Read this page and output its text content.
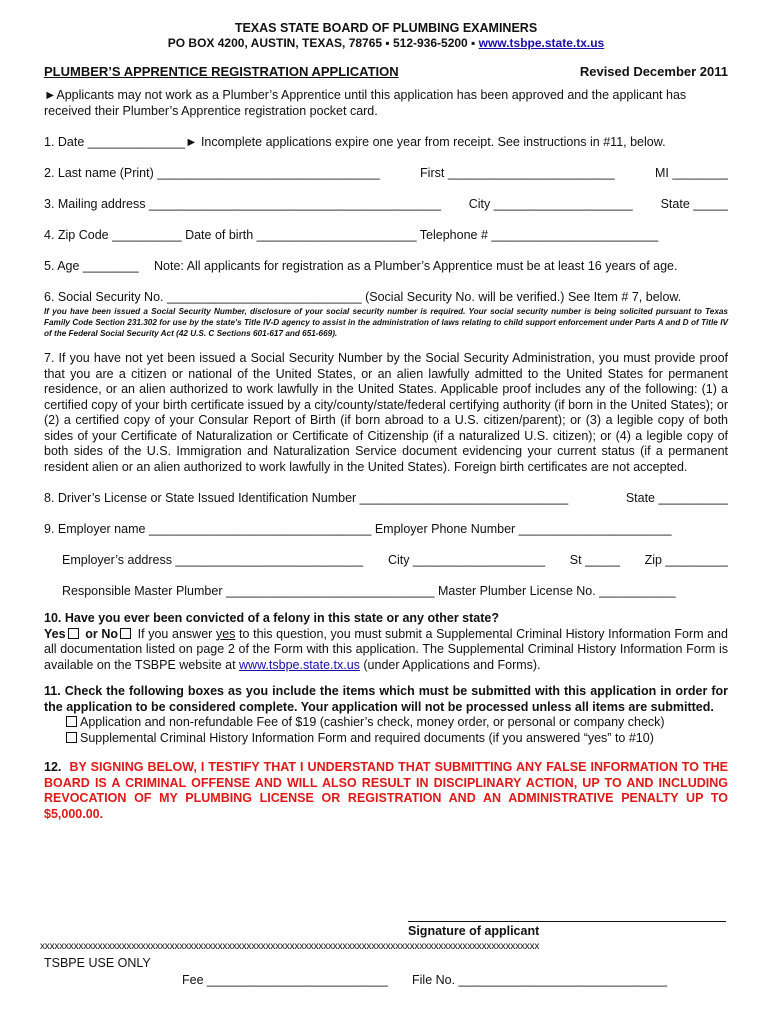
TEXAS STATE BOARD OF PLUMBING EXAMINERS
PO BOX 4200, AUSTIN, TEXAS, 78765 ▪ 512-936-5200 ▪ www.tsbpe.state.tx.us
PLUMBER’S APPRENTICE REGISTRATION APPLICATION	Revised December 2011
►Applicants may not work as a Plumber’s Apprentice until this application has been approved and the applicant has received their Plumber’s Apprentice registration pocket card.
1. Date ______________► Incomplete applications expire one year from receipt. See instructions in #11, below.
2. Last name (Print) ________________________________	First ________________________	MI ________
3. Mailing address __________________________________________ City ____________________ State _____
4. Zip Code __________ Date of birth _______________________ Telephone # ________________________
5. Age ________ Note: All applicants for registration as a Plumber’s Apprentice must be at least 16 years of age.
6. Social Security No. ____________________________ (Social Security No. will be verified.) See Item # 7, below.
If you have been issued a Social Security Number, disclosure of your social security number is required. Your social security number is being solicited pursuant to Texas Family Code Section 231.302 for use by the state's Title IV-D agency to assist in the administration of laws relating to child support enforcement under Parts A and D of Title IV of the Federal Social Security Act (42 U.S. C Sections 601-617 and 651-669).
7. If you have not yet been issued a Social Security Number by the Social Security Administration, you must provide proof that you are a citizen or national of the United States, or an alien lawfully admitted to the United States for permanent residence, or an alien authorized to work lawfully in the United States. Applicable proof includes any of the following: (1) a certified copy of your birth certificate issued by a city/county/state/federal certifying authority (if born in the United States); or (2) a certified copy of your Consular Report of Birth (if born abroad to a U.S. citizen/parent); or (3) a legible copy of both sides of your Certificate of Naturalization or Certificate of Citizenship (if a naturalized U.S. citizen); or (4) a legible copy of both sides of the U.S. Immigration and Naturalization Service document evidencing your current status (if a permanent resident alien or an alien authorized to work lawfully in the United States). Foreign birth certificates are not accepted.
8. Driver’s License or State Issued Identification Number ______________________________	State __________
9. Employer name ________________________________ Employer Phone Number ______________________
Employer’s address ___________________________ City ___________________ St _____ Zip _________
Responsible Master Plumber ______________________________ Master Plumber License No. ___________
10. Have you ever been convicted of a felony in this state or any other state?
Yes or No If you answer yes to this question, you must submit a Supplemental Criminal History Information Form and all documentation listed on page 2 of the Form with this application. The Supplemental Criminal History Information Form is available on the TSBPE website at www.tsbpe.state.tx.us (under Applications and Forms).
11. Check the following boxes as you include the items which must be submitted with this application in order for the application to be considered complete. Your application will not be processed unless all items are submitted.
Application and non-refundable Fee of $19 (cashier’s check, money order, or personal or company check)
Supplemental Criminal History Information Form and required documents (if you answered “yes” to #10)
12. BY SIGNING BELOW, I TESTIFY THAT I UNDERSTAND THAT SUBMITTING ANY FALSE INFORMATION TO THE BOARD IS A CRIMINAL OFFENSE AND WILL ALSO RESULT IN DISCIPLINARY ACTION, UP TO AND INCLUDING REVOCATION OF MY PLUMBING LICENSE OR REGISTRATION AND AN ADMINISTRATIVE PENALTY UP TO $5,000.00.
Signature of applicant
xxxxxxxxxxxxxxxxxxxxxxxxxxxxxxxxxxxxxxxxxxxxxxxxxxxxxxxxxxxxxxxxxxxxxxxxxxxxxxxxxxxxxxxxxxxxxxxxxxxxxxxx
TSBPE USE ONLY
Fee __________________________ File No. ______________________________
